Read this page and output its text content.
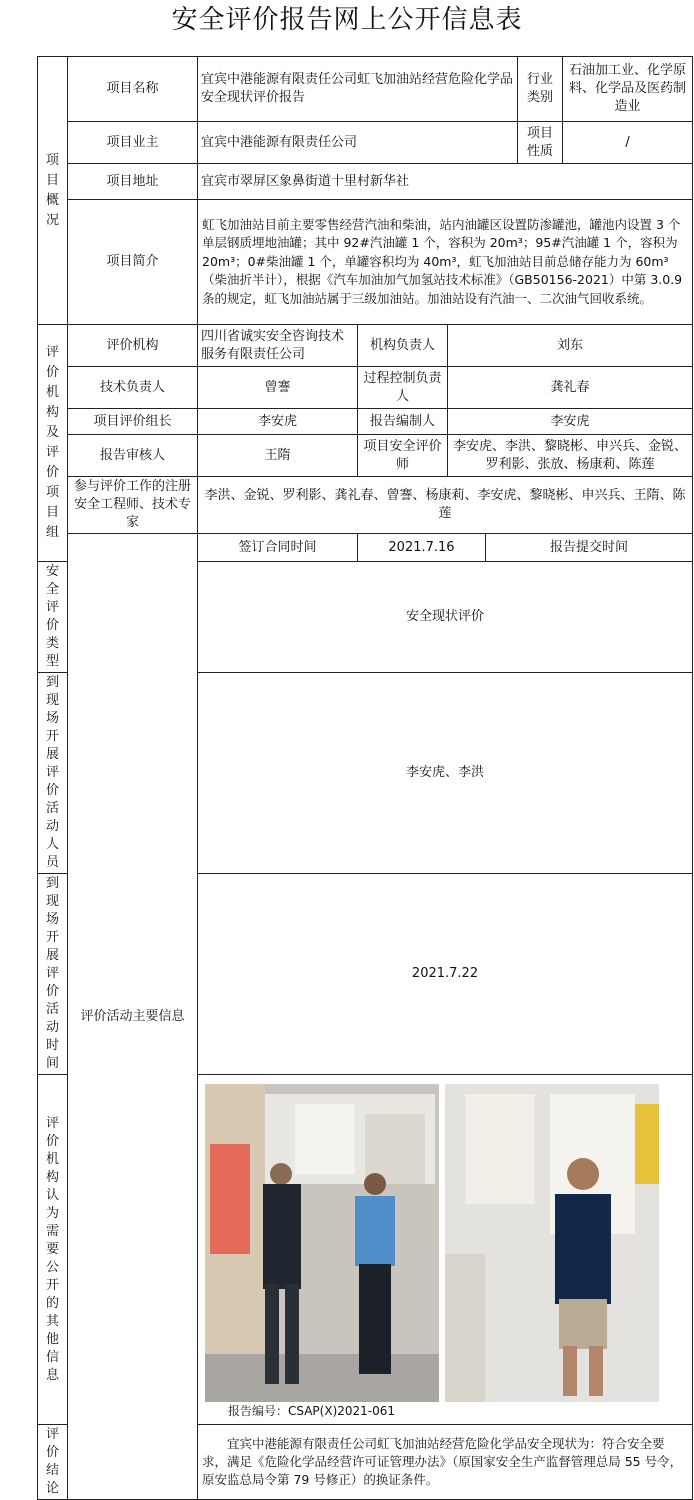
安全评价报告网上公开信息表
项目概况	项目名称	宜宾中港能源有限责任公司虹飞加油站经营危险化学品安全现状评价报告				行业类别	石油加工业、化学原料、化学品及医药制造业	
	项目业主	宜宾中港能源有限责任公司				项目性质	/	
	项目地址	宜宾市翠屏区象鼻街道十里村新华社						
	项目简介	虹飞加油站目前主要零售经营汽油和柴油，站内油罐区设置防渗罐池，罐池内设置 3 个单层钢质埋地油罐；其中 92#汽油罐 1 个，容积为 20m³；95#汽油罐 1 个，容积为 20m³；0#柴油罐 1 个，单罐容积均为 40m³，虹飞加油站目前总储存能力为 60m³（柴油折半计），根据《汽车加油加气加氢站技术标准》（GB50156-2021）中第 3.0.9 条的规定，虹飞加油站属于三级加油站。加油站设有汽油一、二次油气回收系统。						
评价机构及评价项目组	评价机构	四川省诚实安全咨询技术服务有限责任公司	机构负责人	刘东				
	技术负责人	曾謇	过程控制负责人	龚礼春				
	项目评价组长	李安虎	报告编制人	李安虎				
	报告审核人	王隋	项目安全评价师	李安虎、李洪、黎晓彬、申兴兵、金锐、罗利影、张放、杨康莉、陈莲				
	参与评价工作的注册安全工程师、技术专家	李洪、金锐、罗利影、龚礼春、曾謇、杨康莉、李安虎、黎晓彬、申兴兵、王隋、陈莲						
	评价活动主要信息	签订合同时间	2021.7.16		报告提交时间	
安全评价类型		安全现状评价						
到现场开展评价活动人员		李安虎、李洪						
到现场开展评价活动时间		2021.7.22						
评价机构认为需要公开的其他信息		报告编号：CSAP(X)2021-061						

评价结论		宜宾中港能源有限责任公司虹飞加油站经营危险化学品安全现状为：符合安全要求，满足《危险化学品经营许可证管理办法》（原国家安全生产监督管理总局 55 号令，原安监总局令第 79 号修正）的换证条件。						
